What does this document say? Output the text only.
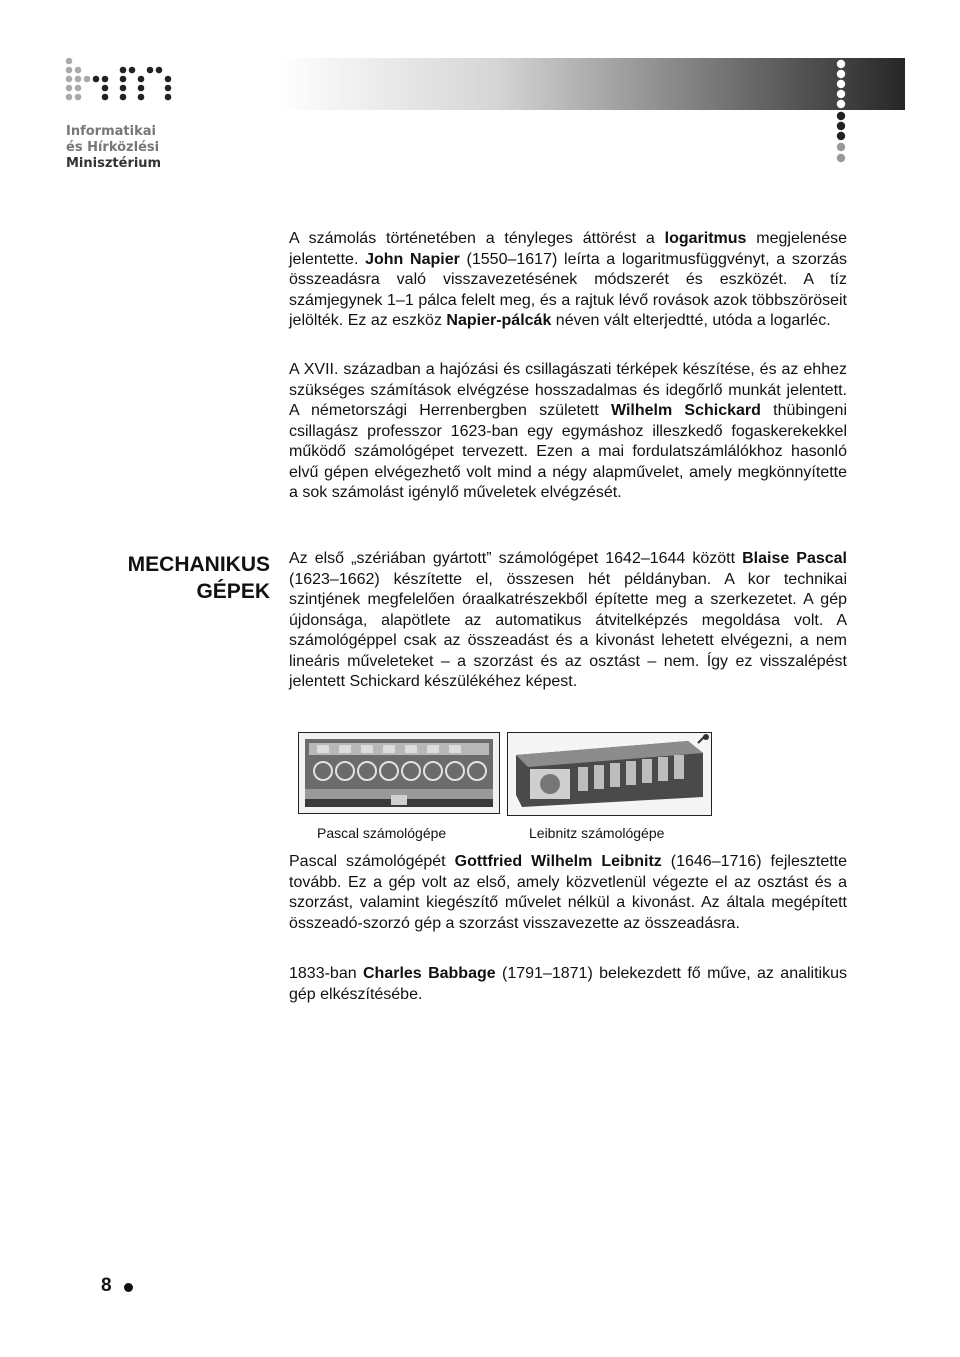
Informatikai
és Hírközlési
Minisztérium

A számolás történetében a tényleges áttörést a logaritmus megjelenése jelentette. John Napier (1550–1617) leírta a logaritmusfüggvényt, a szorzás összeadásra való visszavezetésének módszerét és eszközét. A tíz számjegynek 1–1 pálca felelt meg, és a rajtuk lévő rovások azok többszöröseit jelölték. Ez az eszköz Napier-pálcák néven vált elterjedtté, utóda a logarléc.

A XVII. században a hajózási és csillagászati térképek készítése, és az ehhez szükséges számítások elvégzése hosszadalmas és idegőrlő munkát jelentett. A németországi Herrenbergben született Wilhelm Schickard thübingeni csillagász professzor 1623-ban egy egymáshoz illeszkedő fogaskerekekkel működő számológépet tervezett. Ezen a mai fordulatszámlálókhoz hasonló elvű gépen elvégezhető volt mind a négy alapművelet, amely megkönnyítette a sok számolást igénylő műveletek elvégzését.

MECHANIKUS
GÉPEK

Az első „szériában gyártott” számológépet 1642–1644 között Blaise Pascal (1623–1662) készítette el, összesen hét példányban. A kor technikai szintjének megfelelően óraalkatrészekből építette meg a szerkezetet. A gép újdonsága, alapötlete az automatikus átvitelképzés megoldása volt. A számológéppel csak az összeadást és a kivonást lehetett elvégezni, a nem lineáris műveleteket – a szorzást és az osztást – nem. Így ez visszalépést jelentett Schickard készülékéhez képest.

Pascal számológépe	Leibnitz számológépe

Pascal számológépét Gottfried Wilhelm Leibnitz (1646–1716) fejlesztette tovább. Ez a gép volt az első, amely közvetlenül végezte el az osztást és a szorzást, valamint kiegészítő művelet nélkül a kivonást. Az általa megépített összeadó-szorzó gép a szorzást visszavezette az összeadásra.

1833-ban Charles Babbage (1791–1871) belekezdett fő műve, az analitikus gép elkészítésébe.

8
